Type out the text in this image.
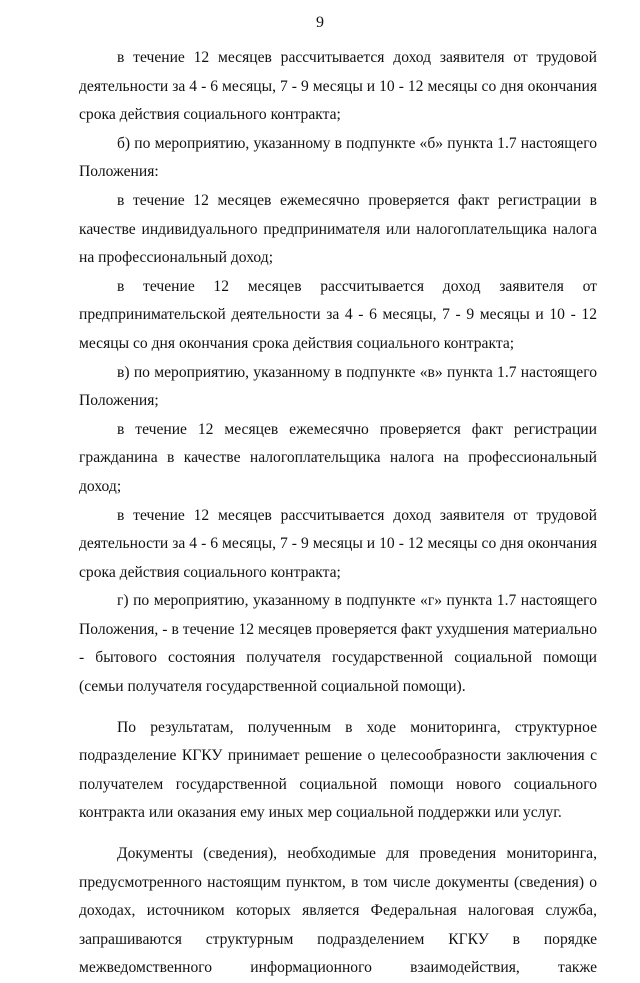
9

в течение 12 месяцев рассчитывается доход заявителя от трудовой деятельности за 4 - 6 месяцы, 7 - 9 месяцы и 10 - 12 месяцы со дня окончания срока действия социального контракта;

б) по мероприятию, указанному в подпункте «б» пункта 1.7 настоящего Положения:

в течение 12 месяцев ежемесячно проверяется факт регистрации в качестве индивидуального предпринимателя или налогоплательщика налога на профессиональный доход;

в течение 12 месяцев рассчитывается доход заявителя от предпринимательской деятельности за 4 - 6 месяцы, 7 - 9 месяцы и 10 - 12 месяцы со дня окончания срока действия социального контракта;

в) по мероприятию, указанному в подпункте «в» пункта 1.7 настоящего Положения;

в течение 12 месяцев ежемесячно проверяется факт регистрации гражданина в качестве налогоплательщика налога на профессиональный доход;

в течение 12 месяцев рассчитывается доход заявителя от трудовой деятельности за 4 - 6 месяцы, 7 - 9 месяцы и 10 - 12 месяцы со дня окончания срока действия социального контракта;

г) по мероприятию, указанному в подпункте «г» пункта 1.7 настоящего Положения, - в течение 12 месяцев проверяется факт ухудшения материально - бытового состояния получателя государственной социальной помощи (семьи получателя государственной социальной помощи).

По результатам, полученным в ходе мониторинга, структурное подразделение КГКУ принимает решение о целесообразности заключения с получателем государственной социальной помощи нового социального контракта или оказания ему иных мер социальной поддержки или услуг.

Документы (сведения), необходимые для проведения мониторинга, предусмотренного настоящим пунктом, в том числе документы (сведения) о доходах, источником которых является Федеральная налоговая служба, запрашиваются структурным подразделением КГКУ в порядке межведомственного информационного взаимодействия, также
